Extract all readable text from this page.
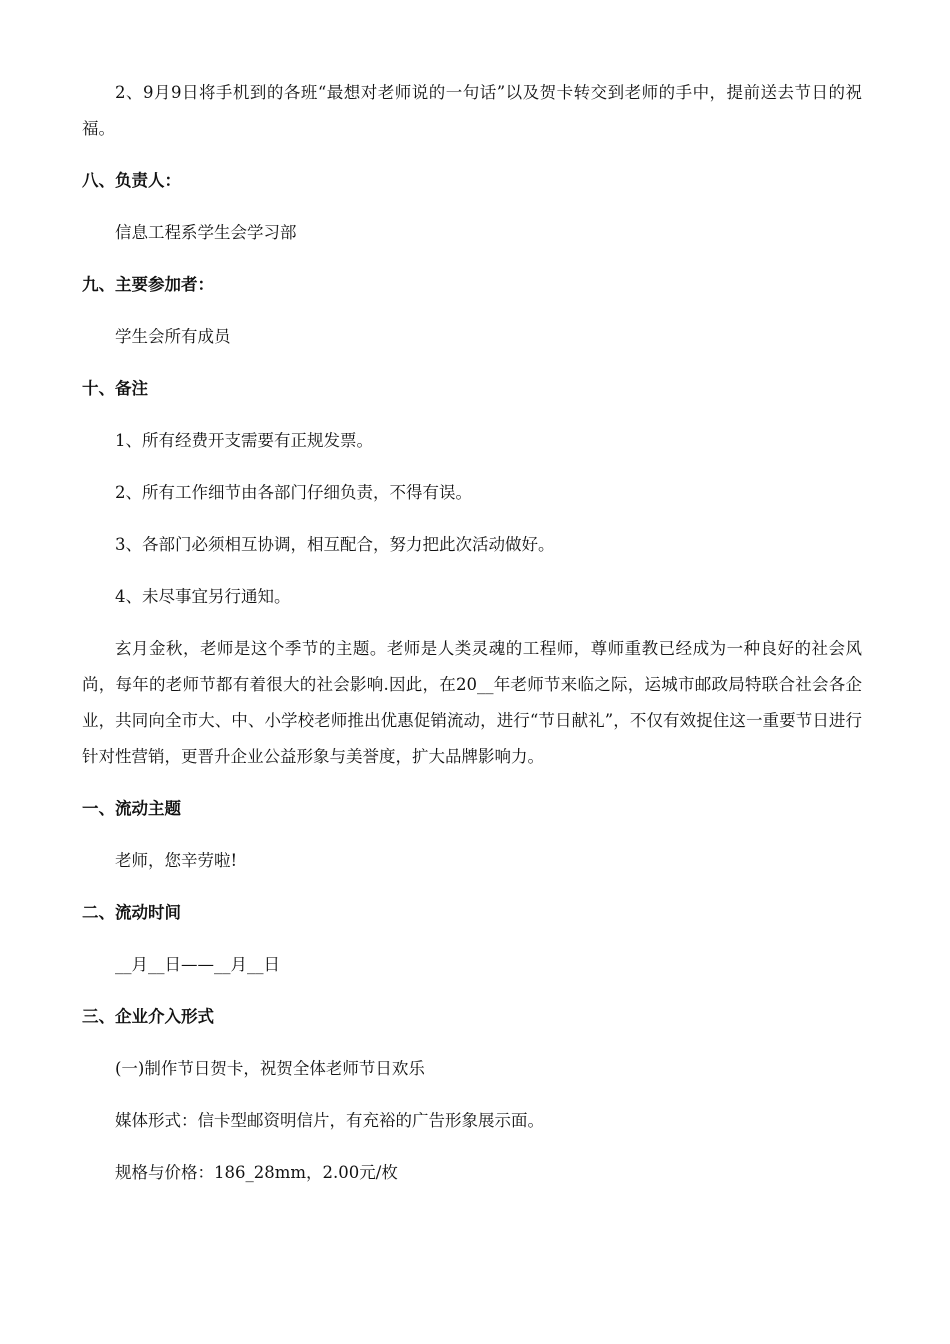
2、9月9日将手机到的各班“最想对老师说的一句话”以及贺卡转交到老师的手中，提前送去节日的祝福。

八、负责人：

信息工程系学生会学习部

九、主要参加者：

学生会所有成员

十、备注

1、所有经费开支需要有正规发票。

2、所有工作细节由各部门仔细负责，不得有误。

3、各部门必须相互协调，相互配合，努力把此次活动做好。

4、未尽事宜另行通知。

玄月金秋，老师是这个季节的主题。老师是人类灵魂的工程师，尊师重教已经成为一种良好的社会风尚，每年的老师节都有着很大的社会影响.因此，在20__年老师节来临之际，运城市邮政局特联合社会各企业，共同向全市大、中、小学校老师推出优惠促销流动，进行“节日献礼”，不仅有效捉住这一重要节日进行针对性营销，更晋升企业公益形象与美誉度，扩大品牌影响力。

一、流动主题

老师，您辛劳啦!

二、流动时间

__月__日——__月__日

三、企业介入形式

(一)制作节日贺卡，祝贺全体老师节日欢乐

媒体形式：信卡型邮资明信片，有充裕的广告形象展示面。

规格与价格：186_28mm，2.00元/枚
